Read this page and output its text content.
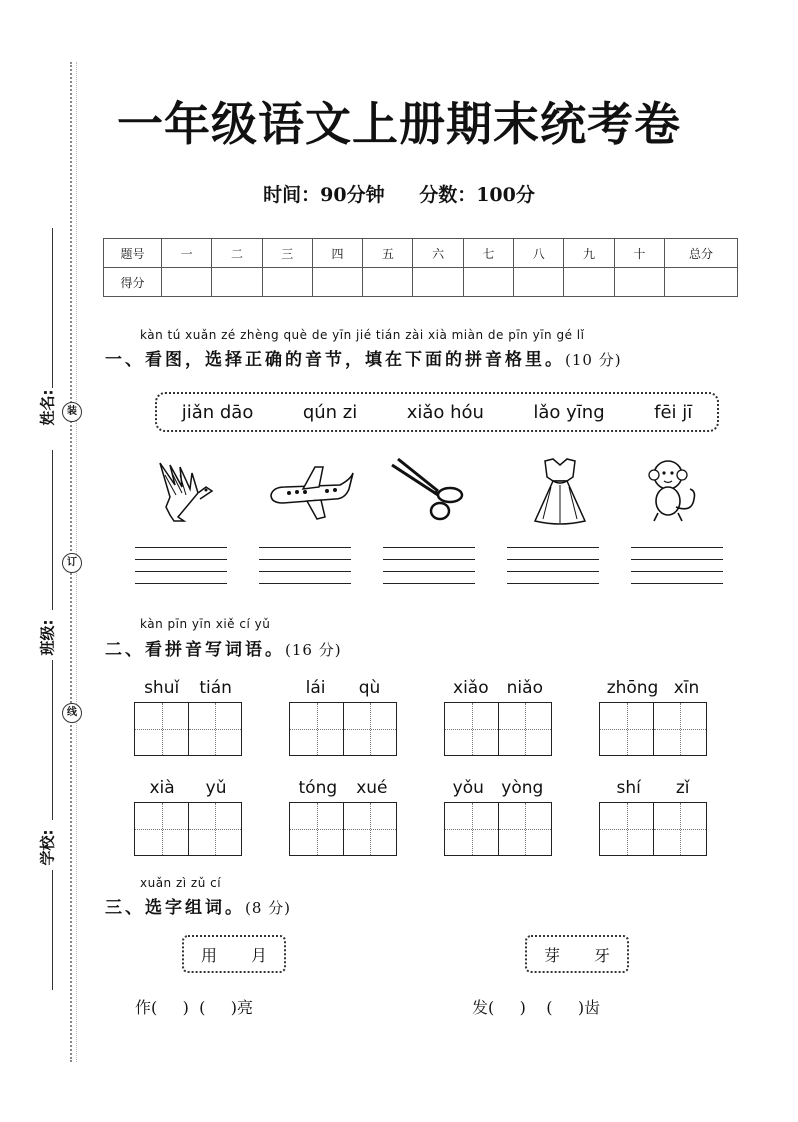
装
订
线
姓名:
班级:
学校:
一年级语文上册期末统考卷
时间：90分钟 分数：100分
题号	一	二	三	四	五	六	七	八	九	十	总分
得分											
kàn tú xuǎn zé zhèng què de yīn jié tián zài xià miàn de pīn yīn gé lǐ
一、看图，选择正确的音节，填在下面的拼音格里。(10 分)
jiǎn dāo	qún zi	xiǎo hóu	lǎo yīng	fēi jī
kàn pīn yīn xiě cí yǔ
二、看拼音写词语。(16 分)
shuǐ tián	lái qù	xiǎo niǎo	zhōng xīn
xià yǔ	tóng xué	yǒu yòng	shí zǐ
xuǎn zì zǔ cí
三、选字组词。(8 分)
用 月	芽 牙
作(     )  (     )亮	发(     )    (     )齿
